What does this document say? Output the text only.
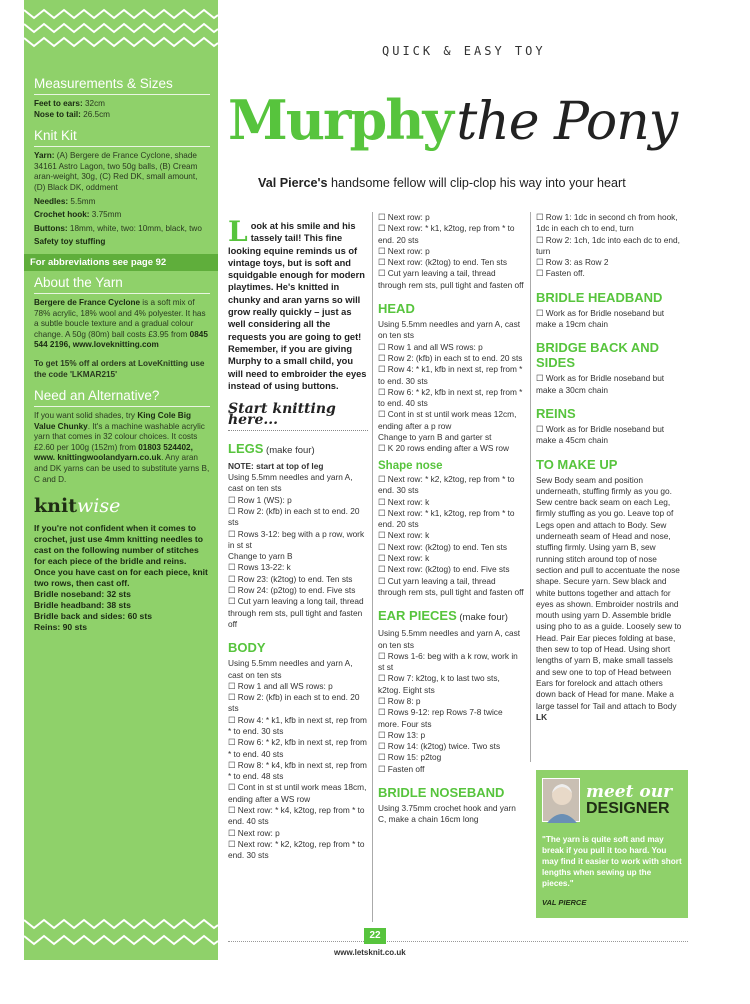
Measurements & Sizes
Feet to ears: 32cm
Nose to tail: 26.5cm
Knit Kit
Yarn: (A) Bergere de France Cyclone, shade 34161 Astro Lagon, two 50g balls, (B) Cream aran-weight, 30g, (C) Red DK, small amount, (D) Black DK, oddment
Needles: 5.5mm
Crochet hook: 3.75mm
Buttons: 18mm, white, two: 10mm, black, two
Safety toy stuffing
For abbreviations see page 92
About the Yarn
Bergere de France Cyclone is a soft mix of 78% acrylic, 18% wool and 4% polyester. It has a subtle boucle texture and a gradual colour change. A 50g (80m) ball costs £3.95 from 0845 544 2196, www.loveknitting.com
To get 15% off al orders at LoveKnitting use the code 'LKMAR215'
Need an Alternative?
If you want solid shades, try King Cole Big Value Chunky. It's a machine washable acrylic yarn that comes in 32 colour choices. It costs £2.60 per 100g (152m) from 01803 524402, www. knittingwoolandyarn.co.uk. Any aran and DK yarns can be used to substitute yarns B, C and D.
knitwise
If you're not confident when it comes to crochet, just use 4mm knitting needles to cast on the following number of stitches for each piece of the bridle and reins. Once you have cast on for each piece, knit two rows, then cast off.
Bridle noseband: 32 sts
Bridle headband: 38 sts
Bridle back and sides: 60 sts
Reins: 90 sts
QUICK & EASY TOY
Murphy the Pony
Val Pierce's handsome fellow will clip-clop his way into your heart
Look at his smile and his tassely tail! This fine looking equine reminds us of vintage toys, but is soft and squidgable enough for modern playtimes. He's knitted in chunky and aran yarns so will grow really quickly – just as well considering all the requests you are going to get! Remember, if you are giving Murphy to a small child, you will need to embroider the eyes instead of using buttons.
Start knitting here...
LEGS (make four)
NOTE: start at top of leg
Using 5.5mm needles and yarn A, cast on ten sts
☐ Row 1 (WS): p
☐ Row 2: (kfb) in each st to end. 20 sts
☐ Rows 3-12: beg with a p row, work in st st
Change to yarn B
☐ Rows 13-22: k
☐ Row 23: (k2tog) to end. Ten sts
☐ Row 24: (p2tog) to end. Five sts
☐ Cut yarn leaving a long tail, thread through rem sts, pull tight and fasten off
BODY
Using 5.5mm needles and yarn A, cast on ten sts
☐ Row 1 and all WS rows: p
☐ Row 2: (kfb) in each st to end. 20 sts
☐ Row 4: * k1, kfb in next st, rep from * to end. 30 sts
☐ Row 6: * k2, kfb in next st, rep from * to end. 40 sts
☐ Row 8: * k4, kfb in next st, rep from * to end. 48 sts
☐ Cont in st st until work meas 18cm, ending after a WS row
☐ Next row: * k4, k2tog, rep from * to end. 40 sts
☐ Next row: p
☐ Next row: * k2, k2tog, rep from * to end. 30 sts
☐ Next row: p
☐ Next row: * k1, k2tog, rep from * to end. 20 sts
☐ Next row: p
☐ Next row: (k2tog) to end. Ten sts
☐ Cut yarn leaving a tail, thread through rem sts, pull tight and fasten off
HEAD
Using 5.5mm needles and yarn A, cast on ten sts
☐ Row 1 and all WS rows: p
☐ Row 2: (kfb) in each st to end. 20 sts
☐ Row 4: * k1, kfb in next st, rep from * to end. 30 sts
☐ Row 6: * k2, kfb in next st, rep from * to end. 40 sts
☐ Cont in st st until work meas 12cm, ending after a p row
Change to yarn B and garter st
☐ K 20 rows ending after a WS row
Shape nose
☐ Next row: * k2, k2tog, rep from * to end. 30 sts
☐ Next row: k
☐ Next row: * k1, k2tog, rep from * to end. 20 sts
☐ Next row: k
☐ Next row: (k2tog) to end. Ten sts
☐ Next row: k
☐ Next row: (k2tog) to end. Five sts
☐ Cut yarn leaving a tail, thread through rem sts, pull tight and fasten off
EAR PIECES (make four)
Using 5.5mm needles and yarn A, cast on ten sts
☐ Rows 1-6: beg with a k row, work in st st
☐ Row 7: k2tog, k to last two sts, k2tog. Eight sts
☐ Row 8: p
☐ Rows 9-12: rep Rows 7-8 twice more. Four sts
☐ Row 13: p
☐ Row 14: (k2tog) twice. Two sts
☐ Row 15: p2tog
☐ Fasten off
BRIDLE NOSEBAND
Using 3.75mm crochet hook and yarn C, make a chain 16cm long
☐ Row 1: 1dc in second ch from hook, 1dc in each ch to end, turn
☐ Row 2: 1ch, 1dc into each dc to end, turn
☐ Row 3: as Row 2
☐ Fasten off.
BRIDLE HEADBAND
☐ Work as for Bridle noseband but make a 19cm chain
BRIDGE BACK AND SIDES
☐ Work as for Bridle noseband but make a 30cm chain
REINS
☐ Work as for Bridle noseband but make a 45cm chain
TO MAKE UP
Sew Body seam and position underneath, stuffing firmly as you go. Sew centre back seam on each Leg, firmly stuffing as you go. Leave top of Legs open and attach to Body. Sew underneath seam of Head and nose, stuffing firmly. Using yarn B, sew running stitch around top of nose section and pull to accentuate the nose shape. Secure yarn. Sew black and white buttons together and attach for eyes as shown. Embroider nostrils and mouth using yarn D. Assemble bridle using pho to as a guide. Loosely sew to Head. Pair Ear pieces folding at base, then sew to top of Head. Using short lengths of yarn B, make small tassels and sew one to top of Head between Ears for forelock and attach others down back of Head for mane. Make a large tassel for Tail and attach to Body LK
meet our
DESIGNER
"The yarn is quite soft and may break if you pull it too hard. You may find it easier to work with short lengths when sewing up the pieces."
VAL PIERCE
22
www.letsknit.co.uk
